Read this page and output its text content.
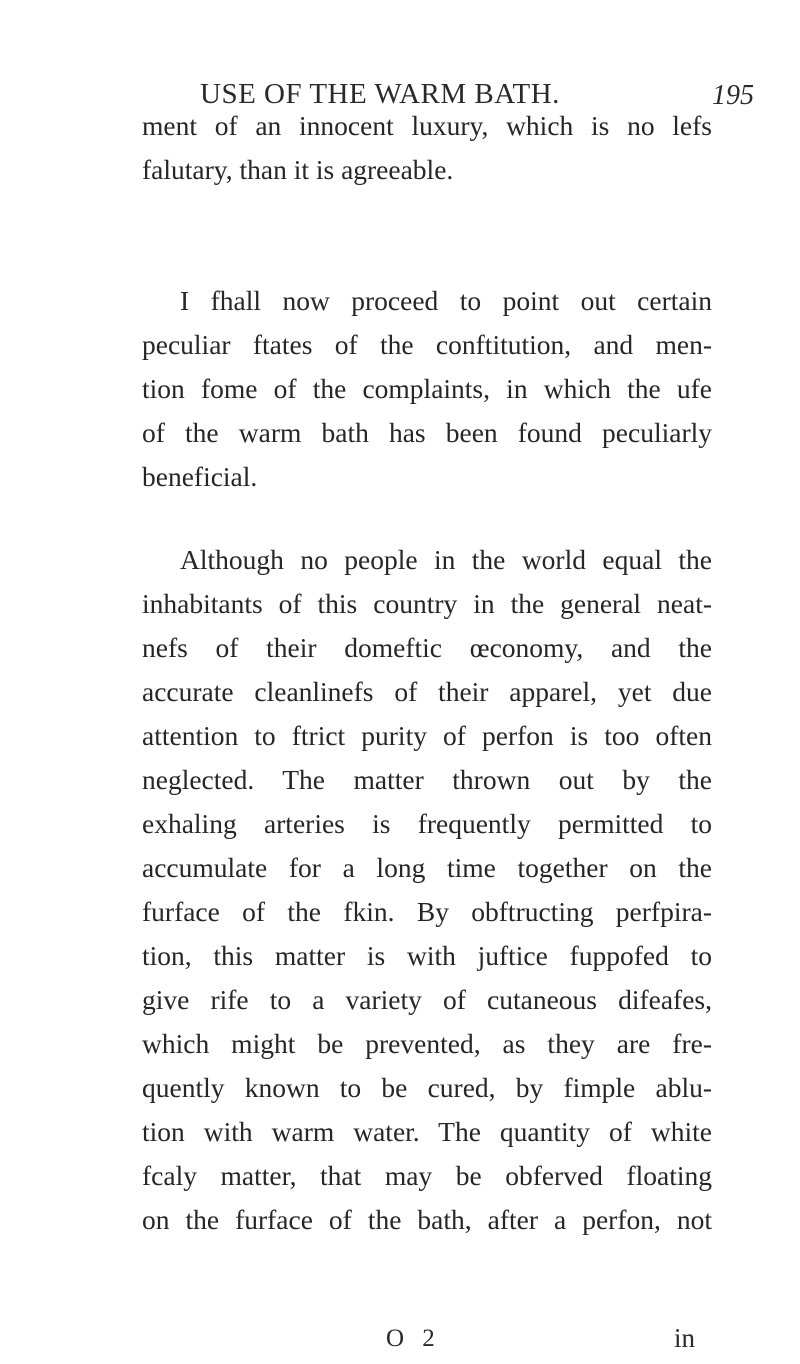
USE OF THE WARM BATH.	195
ment of an innocent luxury, which is no lefs
falutary, than it is agreeable.
I fhall now proceed to point out certain
peculiar ftates of the conftitution, and men-
tion fome of the complaints, in which the ufe
of the warm bath has been found peculiarly
beneficial.
Although no people in the world equal the
inhabitants of this country in the general neat-
nefs of their domeftic œconomy, and the
accurate cleanlinefs of their apparel, yet due
attention to ftrict purity of perfon is too often
neglected. The matter thrown out by the
exhaling arteries is frequently permitted to
accumulate for a long time together on the
furface of the fkin. By obftructing perfpira-
tion, this matter is with juftice fuppofed to
give rife to a variety of cutaneous difeafes,
which might be prevented, as they are fre-
quently known to be cured, by fimple ablu-
tion with warm water. The quantity of white
fcaly matter, that may be obferved floating
on the furface of the bath, after a perfon, not
O 2	in
